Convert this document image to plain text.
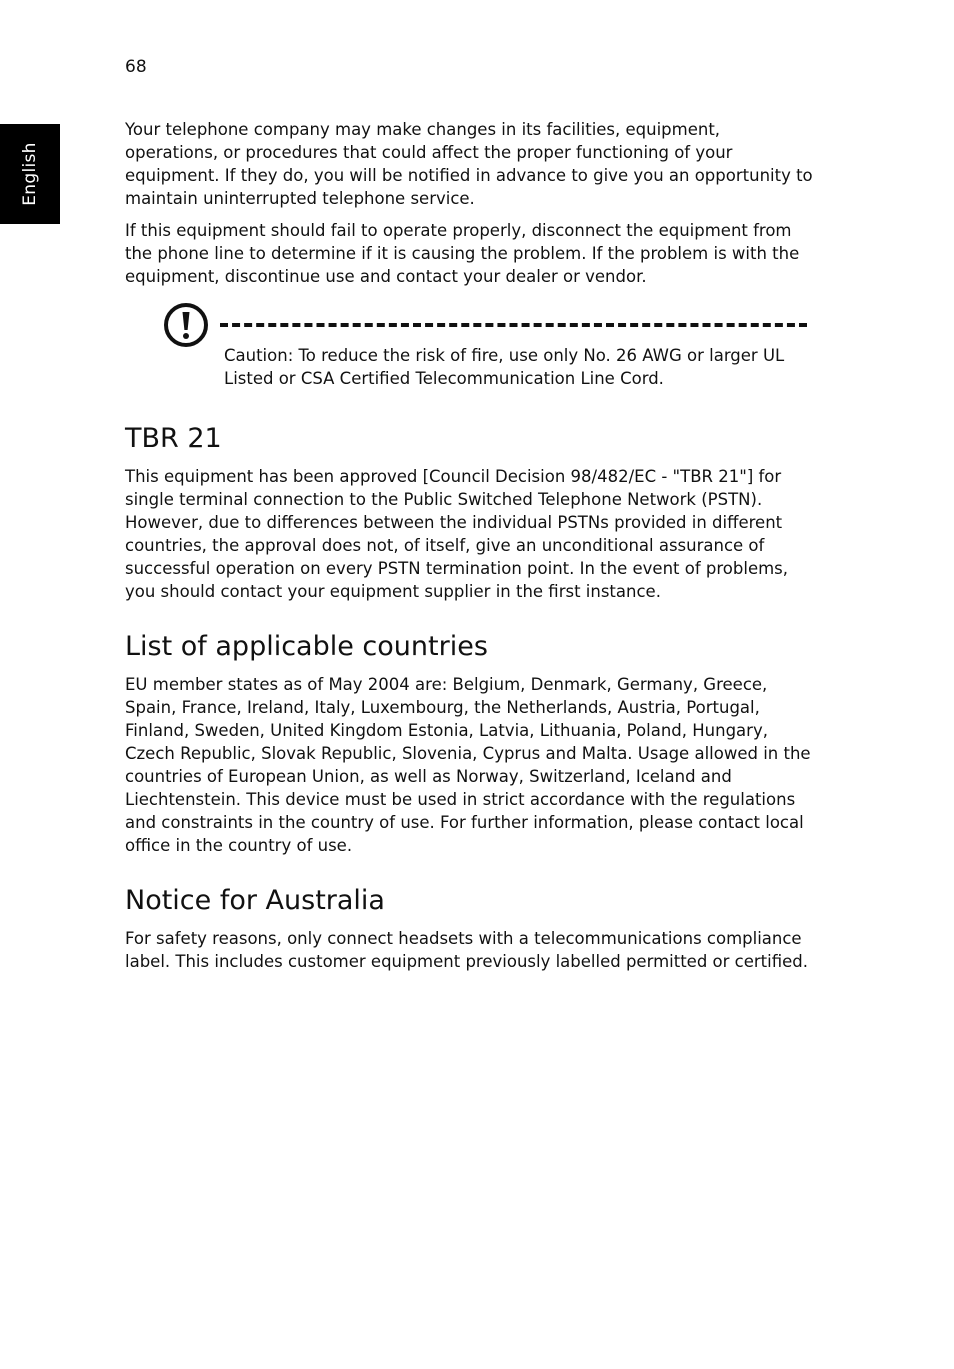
68
English

Your telephone company may make changes in its facilities, equipment, operations, or procedures that could affect the proper functioning of your equipment. If they do, you will be notified in advance to give you an opportunity to maintain uninterrupted telephone service.

If this equipment should fail to operate properly, disconnect the equipment from the phone line to determine if it is causing the problem. If the problem is with the equipment, discontinue use and contact your dealer or vendor.

Caution: To reduce the risk of fire, use only No. 26 AWG or larger UL Listed or CSA Certified Telecommunication Line Cord.

TBR 21

This equipment has been approved [Council Decision 98/482/EC - "TBR 21"] for single terminal connection to the Public Switched Telephone Network (PSTN). However, due to differences between the individual PSTNs provided in different countries, the approval does not, of itself, give an unconditional assurance of successful operation on every PSTN termination point. In the event of problems, you should contact your equipment supplier in the first instance.

List of applicable countries

EU member states as of May 2004 are: Belgium, Denmark, Germany, Greece, Spain, France, Ireland, Italy, Luxembourg, the Netherlands, Austria, Portugal, Finland, Sweden, United Kingdom Estonia, Latvia, Lithuania, Poland, Hungary, Czech Republic, Slovak Republic, Slovenia, Cyprus and Malta. Usage allowed in the countries of European Union, as well as Norway, Switzerland, Iceland and Liechtenstein. This device must be used in strict accordance with the regulations and constraints in the country of use. For further information, please contact local office in the country of use.

Notice for Australia

For safety reasons, only connect headsets with a telecommunications compliance label. This includes customer equipment previously labelled permitted or certified.
